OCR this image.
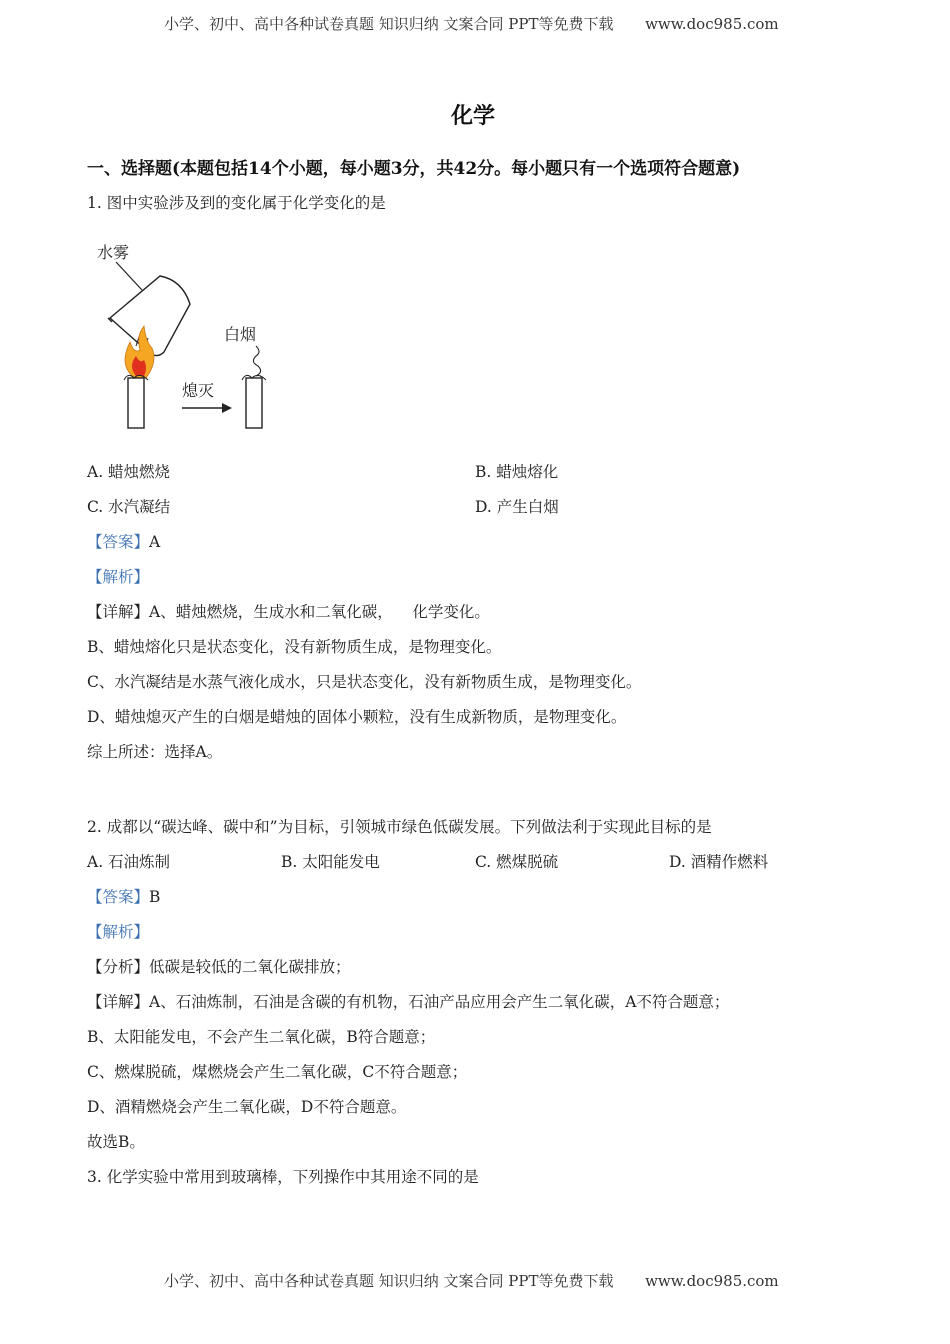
小学、初中、高中各种试卷真题 知识归纳 文案合同 PPT等免费下载 www.doc985.com
化学
一、选择题(本题包括14个小题，每小题3分，共42分。每小题只有一个选项符合题意)
1. 图中实验涉及到的变化属于化学变化的是
水雾
熄灭
白烟
A. 蜡烛燃烧	B. 蜡烛熔化
C. 水汽凝结	D. 产生白烟
【答案】A
【解析】
【详解】A、蜡烛燃烧，生成水和二氧化碳，    化学变化。
B、蜡烛熔化只是状态变化，没有新物质生成，是物理变化。
C、水汽凝结是水蒸气液化成水，只是状态变化，没有新物质生成，是物理变化。
D、蜡烛熄灭产生的白烟是蜡烛的固体小颗粒，没有生成新物质，是物理变化。
综上所述：选择A。
2. 成都以“碳达峰、碳中和”为目标，引领城市绿色低碳发展。下列做法利于实现此目标的是
A. 石油炼制	B. 太阳能发电	C. 燃煤脱硫	D. 酒精作燃料
【答案】B
【解析】
【分析】低碳是较低的二氧化碳排放；
【详解】A、石油炼制，石油是含碳的有机物，石油产品应用会产生二氧化碳，A不符合题意；
B、太阳能发电，不会产生二氧化碳，B符合题意；
C、燃煤脱硫，煤燃烧会产生二氧化碳，C不符合题意；
D、酒精燃烧会产生二氧化碳，D不符合题意。
故选B。
3. 化学实验中常用到玻璃棒，下列操作中其用途不同的是
小学、初中、高中各种试卷真题 知识归纳 文案合同 PPT等免费下载 www.doc985.com
